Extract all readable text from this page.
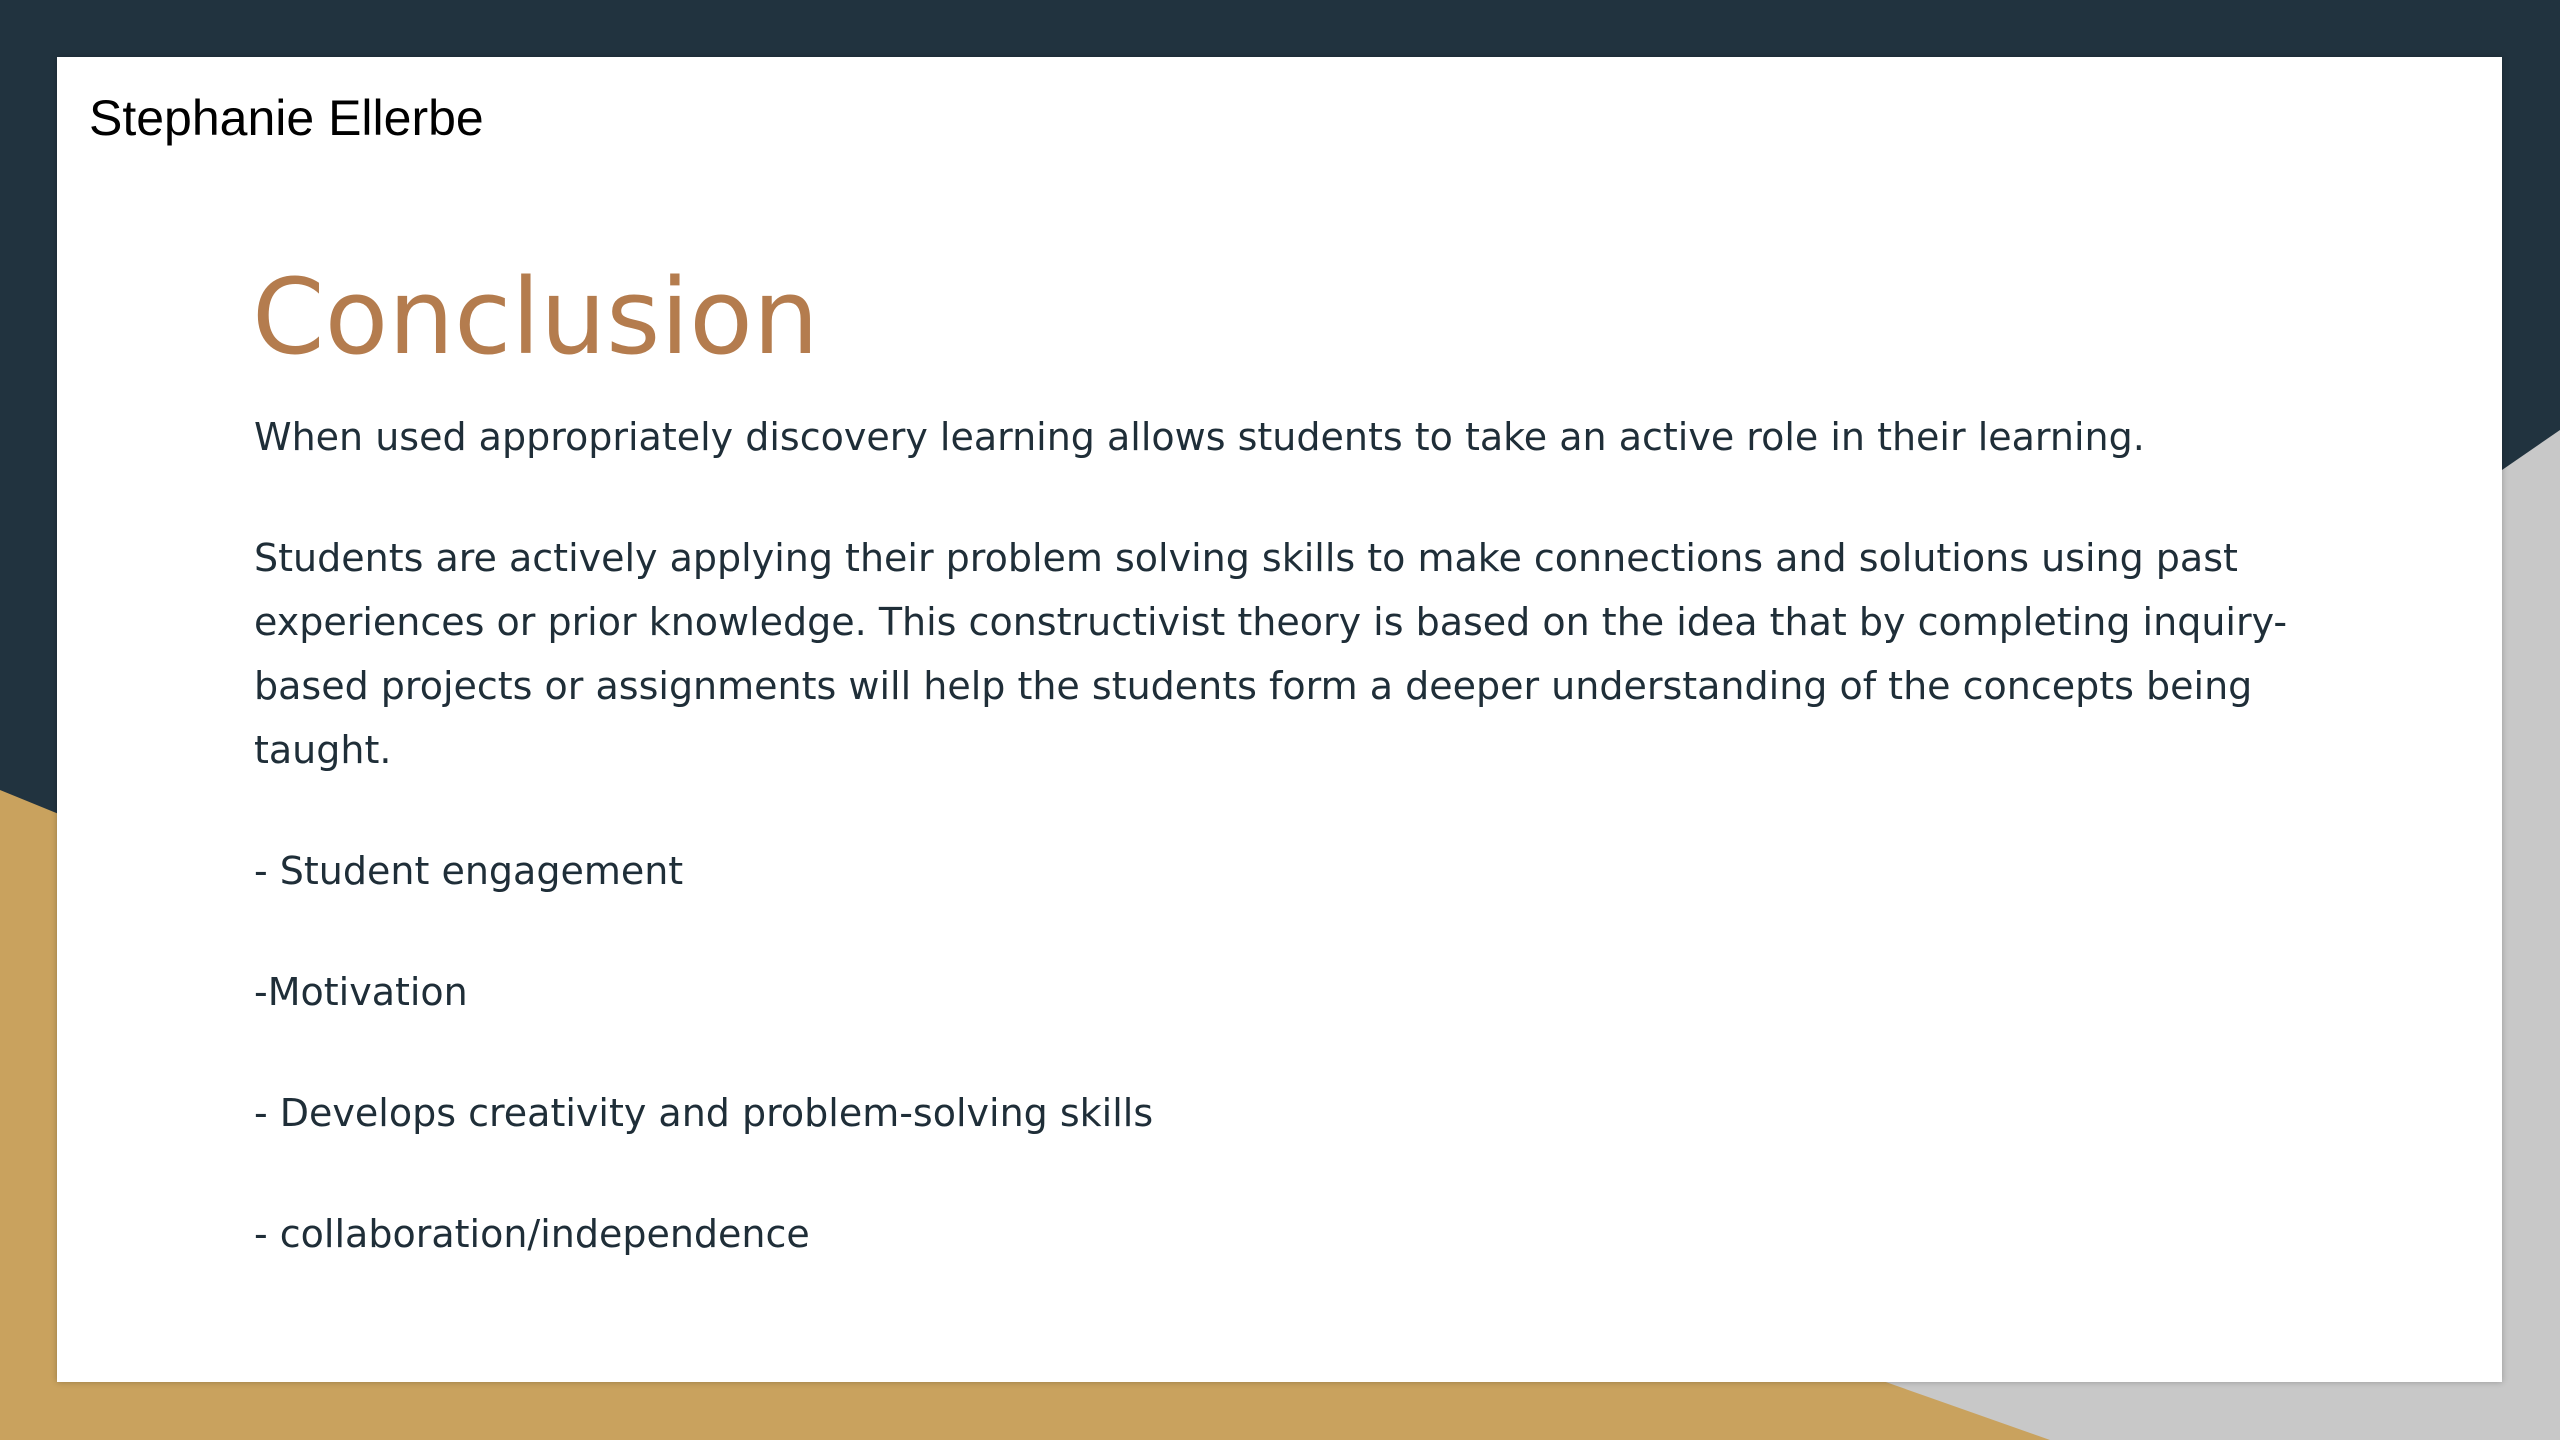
Stephanie Ellerbe
Conclusion

When used appropriately discovery learning allows students to take an active role in their learning.

Students are actively applying their problem solving skills to make connections and solutions using past experiences or prior knowledge. This constructivist theory is based on the idea that by completing inquiry-based projects or assignments will help the students form a deeper understanding of the concepts being taught.

- Student engagement

-Motivation

- Develops creativity and problem-solving skills

- collaboration/independence
